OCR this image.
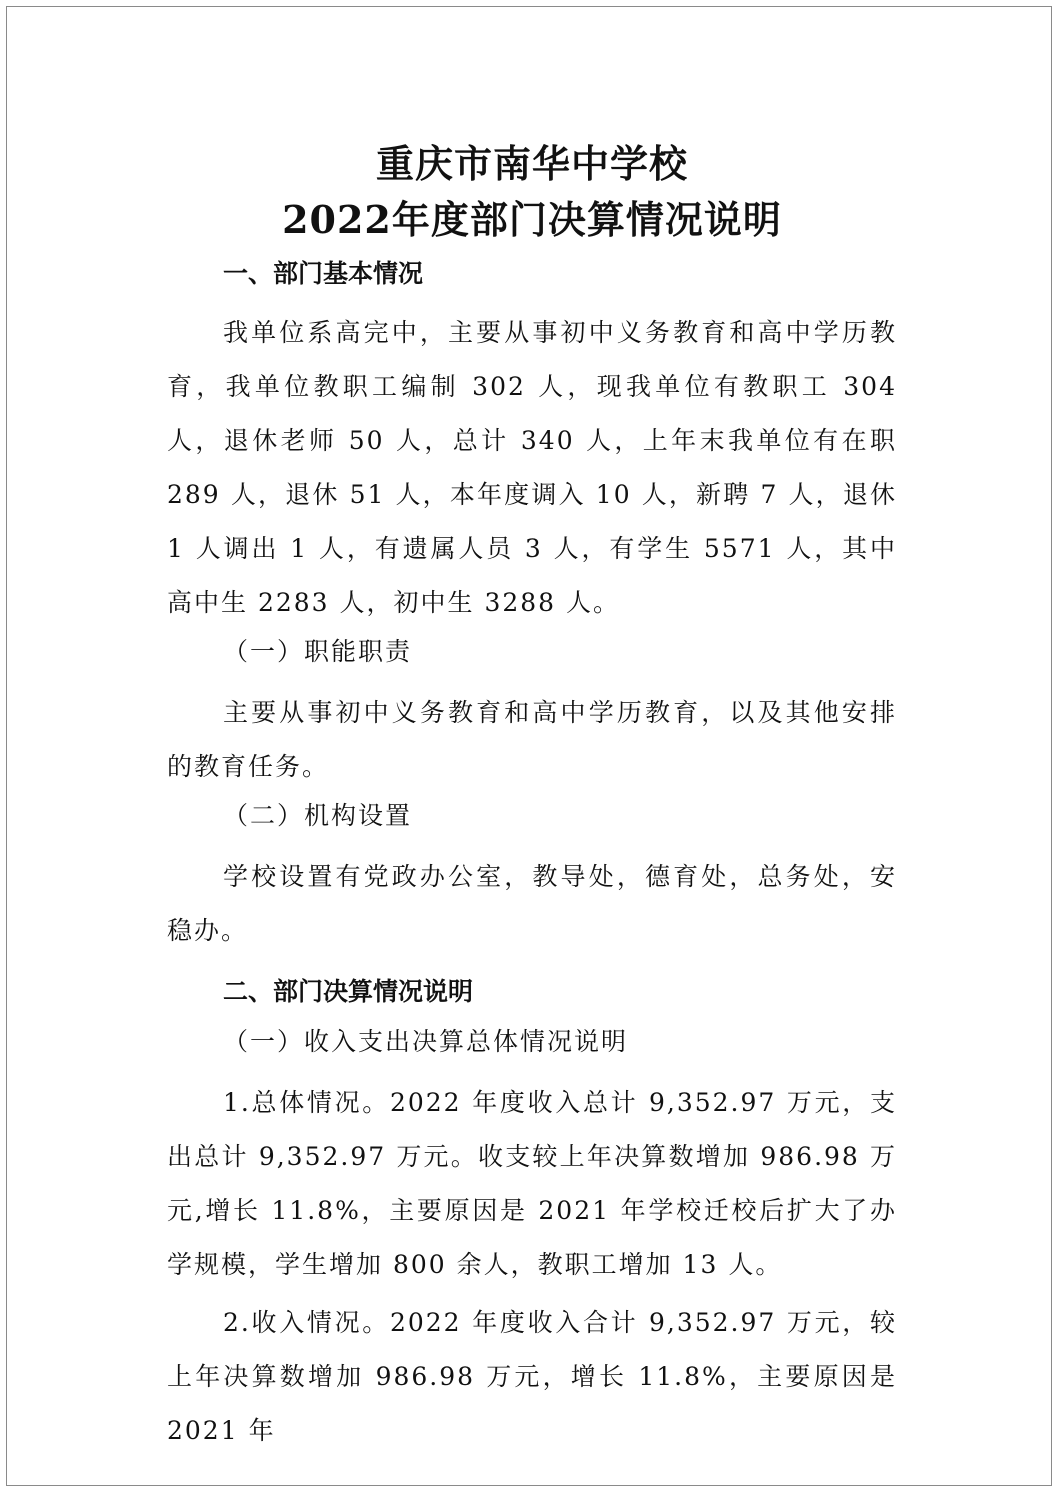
重庆市南华中学校

2022年度部门决算情况说明

一、部门基本情况

我单位系高完中，主要从事初中义务教育和高中学历教育，我单位教职工编制 302 人，现我单位有教职工 304 人，退休老师 50 人，总计 340 人，上年末我单位有在职 289 人，退休 51 人，本年度调入 10 人，新聘 7 人，退休 1 人调出 1 人，有遗属人员 3 人，有学生 5571 人，其中高中生 2283 人，初中生 3288 人。

（一）职能职责

主要从事初中义务教育和高中学历教育，以及其他安排的教育任务。

（二）机构设置

学校设置有党政办公室，教导处，德育处，总务处，安稳办。

二、部门决算情况说明

（一）收入支出决算总体情况说明

1.总体情况。2022 年度收入总计 9,352.97 万元，支出总计 9,352.97 万元。收支较上年决算数增加 986.98 万元,增长 11.8%，主要原因是 2021 年学校迁校后扩大了办学规模，学生增加 800 余人，教职工增加 13 人。

2.收入情况。2022 年度收入合计 9,352.97 万元，较上年决算数增加 986.98 万元，增长 11.8%，主要原因是 2021 年
